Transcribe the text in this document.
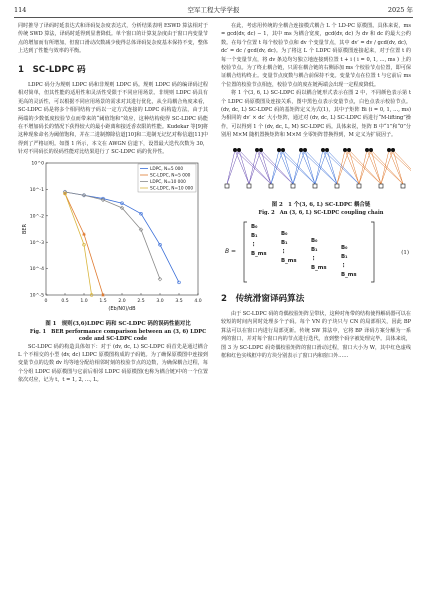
114	空军工程大学学报	2025 年

同时推导了译码时延表达式和译码复杂度表达式，分析结果表明 ESWD 算法相对于传统 SWD 算法，译码时延得到显著降低。单个窗口的计算复杂度由于窗口内变量节点的增加而有所增加，但窗口滑动次数减少使得总体译码复杂度基本保持不变，整体上达到了性能与效率的平衡。

1　SC-LDPC 码

LDPC 码分为规则 LDPC 码和非规则 LDPC 码。规则 LDPC 码的编译码过程相对简单，但其性能的适用性和灵活性受限于不同应用场景。非规则 LDPC 码具有更高的灵活性，可以根据不同应用场景的需求对其进行优化，从全局耦合角度来看，SC-LDPC 码是将多个相同结构子码以一定方式连接的 LDPC 码构造方法，由于其两端的少数低度校验节点而带来的“阈值饱和”效应，这种结构使得 SC-LDPC 码能在不增加码长的情况下获得较大的最小距离和接近香农限的性能。Kudekar 等[9]将这种现象命名为阈值饱和，并在二进制擦除信道[10]和二进制无记忆对称信道[11]中得到了严格证明。如图 1 所示，本文在 AWGN 信道下，设置最大迭代次数为 30，针对不同码长的误码性能对比结果进行了 SC-LDPC 码的优异性。

0	0.5	1.0	1.5	2.0	2.5	3.0	3.5	4.0
10^0
10^-1
10^-2
10^-3
10^-4
10^-5
(Eb/N0)/dB
BER
LDPC, N=5 000
SC-LDPC, N=5 000
LDPC, N=10 000
SC-LDPC, N=10 000

图 1　规则(3,6)LDPC 码和 SC-LDPC 码的误码性能对比

Fig. 1　BER performance comparison between an (3, 6) LDPC code and SC-LDPC code

SC-LDPC 码的构造具体如下：对于 (dv, dc, L) SC-LDPC 码首先是通过耦合 L 个不相交的小型 (dv, dc) LDPC 原模图构成的子码链。为了确保原模图中连接到变量节点的边数 dv 均等地分配给相邻时刻的校验节点的边数，为确保耦合过程，每个分组 LDPC 码原模图与它前后相邻 LDPC 码原模图(也称为耦合链)中的一个位置依次对应，记为 t，t = 1, 2, …, L。

在此，考虑用传统的全耦合连接模式耦合 L 个 LD-PC 原模图。具体来说，ms = gcd(dv, dc) − 1，其中 ms 为耦合宽度，gcd(dv, dc) 为 dv 和 dc 的最大公约数。在每个位置 t 每个校验节点和 dv 个变量节点，其中 dv′ = dv / gcd(dv, dc)，dc′ = dc / gcd(dv, dc)。为了将这 L 个 LDPC 码原模图连接起来，对于位置 t 的每一个变量节点，将 dv 条边均匀独立地连接到位置 t + i ( i = 0, 1, …, ms ) 上的校验节点。为了终止耦合链，只需在耦合链的右侧添加 ms 个校验节点位置，即可保证耦合结构终止。变量节点度数与耦合前保持不变。变量节点在位置 t 与它前后 ms 个位置的校验节点相连，校验节点的度在链两端会出现一定程度降低。

将 1 个(3, 6, L) SC-LDPC 码以耦合链形式表示在图 2 中，不同颜色表示第 t 个 LDPC 码原模图及连接关系，图中黑色点表示变量节点，白色点表示校验节点。(dv, dc, L) SC-LDPC 码的基矩阵定义为式(1)，其中子矩阵 Bi (i = 0, 1, …, ms) 为相同的 dv′ × dc′ 大小矩阵，通过对 (dv, dc, L) SC-LDPC 码进行“M-lifting”操作，可以得到 1 个 (dv, dc, L, M) SC-LDPC 码。具体来说，矩阵 B 中“1”和“0”分别用 M×M 随机置换矩阵和 M×M 全零矩阵替换得到，M 定义为扩展因子。

图 2　1 个(3, 6, L) SC-LDPC 耦合链

Fig. 2　An (3, 6, L) SC-LDPC coupling chain

B =
B₀
B₁
⋮
B_ms
B₀
B₁
⋮
B_ms
B₀
B₁
⋮
B_ms
B₀
B₁
⋮
B_ms
(1)
2　传统滑窗译码算法

由于 SC-LDPC 码的奇偶校验矩阵呈带状，这种对角带的结构使得解码器可以在较短的时间内同时处理多个子码。每个 VN 的子块只与 CN 的局部相关，因此 BP 算法可以在窗口内进行局部更新。传统 SW 算法中，它将 BP 译码方案分解为一系列的窗口，并对每个窗口内的节点进行迭代，直到整个码字被处理完毕。具体来说，图 3 为 SC-LDPC 码奇偶校验矩阵的窗口滑动过程，窗口大小为 W，其中红色虚线框和红色实线框中的方块分别表示了窗口内和窗口外……
